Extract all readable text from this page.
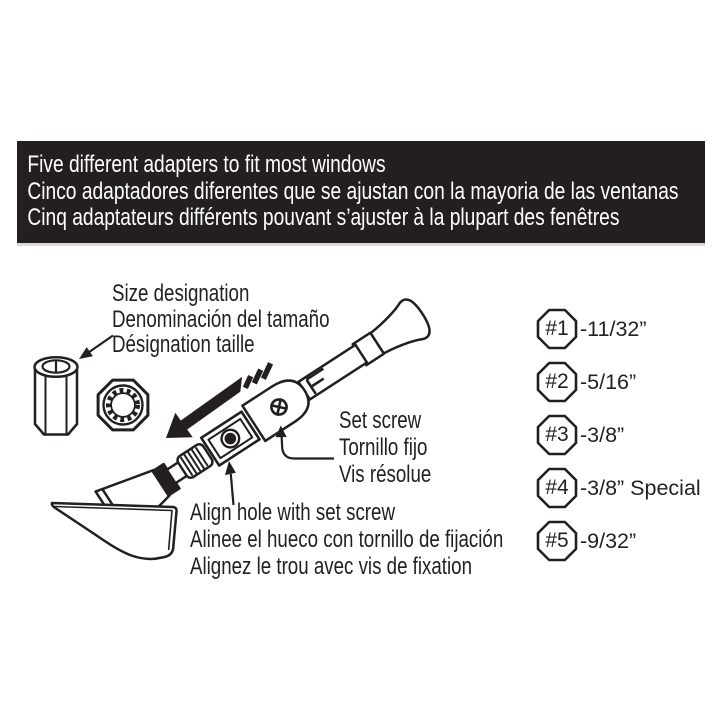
Five different adapters to fit most windows
Cinco adaptadores diferentes que se ajustan con la mayoria de las ventanas
Cinq adaptateurs différents pouvant s’ajuster à la plupart des fenêtres
Size designation
Denominación del tamaño
Désignation taille
Set screw
Tornillo fijo
Vis résolue
Align hole with set screw
Alinee el hueco con tornillo de fijación
Alignez le trou avec vis de fixation
#1 -11/32”
#2 -5/16”
#3 -3/8”
#4 -3/8” Special
#5 -9/32”
